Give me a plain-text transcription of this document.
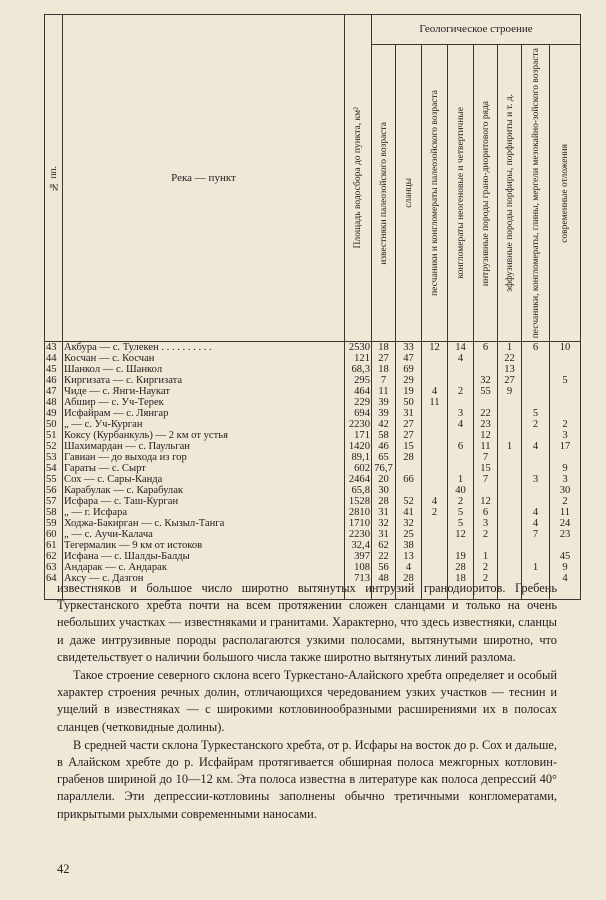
№ пп.	Река — пункт	Площадь водосбора до пункта, км²	Геологическое строение							

			известняки палеозойского возраста	сланцы	песчаники и конгломераты палеозойского возраста	конгломераты неогеновые и четвертичные	интрузивные породы грано-диоритового ряда	эффузивные породы порфиры, порфириты и т. д.	песчаники, конгломераты, глины, мергели мезокайно-зойского возраста	современные отложения

43	Акбура — с. Тулекен . . . . . . . . . .	2530	18	33	12	14	6	1	6	10
44	Косчан — с. Косчан	121	27	47		4		22		
45	Шанкол — с. Шанкол	68,3	18	69				13		
46	Киргизата — с. Киргизата	295	7	29			32	27		5
47	Чиде — с. Янги-Наукат	464	11	19	4	2	55	9		
48	Абшир — с. Уч-Терек	229	39	50	11					
49	Исфайрам — с. Лянгар	694	39	31		3	22		5	
50	„ — с. Уч-Курган	2230	42	27		4	23		2	2
51	Коксу (Курбанкуль) — 2 км от устья	171	58	27			12			3
52	Шахимардан — с. Паульган	1420	46	15		6	11	1	4	17
53	Гавиан — до выхода из гор	89,1	65	28			7			
54	Гараты — с. Сырт	602	76,7				15			9
55	Сох — с. Сары-Канда	2464	20	66		1	7		3	3
56	Карабулак — с. Карабулак	65,8	30			40				30
57	Исфара — с. Таш-Курган	1528	28	52	4	2	12			2
58	„ — г. Исфара	2810	31	41	2	5	6		4	11
59	Ходжа-Бакирган — с. Кызыл-Танга	1710	32	32		5	3		4	24
60	„ — с. Аучи-Калача	2230	31	25		12	2		7	23
61	Тегермалик — 9 км от истоков	32,4	62	38						
62	Исфана — с. Шалды-Балды	397	22	13		19	1			45
63	Андарак — с. Андарак	108	56	4		28	2		1	9
64	Аксу — с. Дазгон	713	48	28		18	2			4

известняков и большое число широтно вытянутых интрузий гранодиоритов. Гребень Туркестанского хребта почти на всем протяжении сложен сланцами и только на очень небольших участках — известняками и гранитами. Характерно, что здесь известняки, сланцы и даже интрузивные породы располагаются узкими полосами, вытянутыми широтно, что свидетельствует о наличии большого числа также широтно вытянутых линий разлома.

Такое строение северного склона всего Туркестано-Алайского хребта определяет и особый характер строения речных долин, отличающихся чередованием узких участков — теснин и ущелий в известняках — с широкими котловинообразными расширениями их в полосах сланцев (четковидные долины).

В средней части склона Туркестанского хребта, от р. Исфары на восток до р. Сох и дальше, в Алайском хребте до р. Исфайрам протягивается обширная полоса межгорных котловин-грабенов шириной до 10—12 км. Эта полоса известна в литературе как полоса депрессий 40° параллели. Эти депрессии-котловины заполнены обычно третичными конгломератами, прикрытыми рыхлыми современными наносами.

42
